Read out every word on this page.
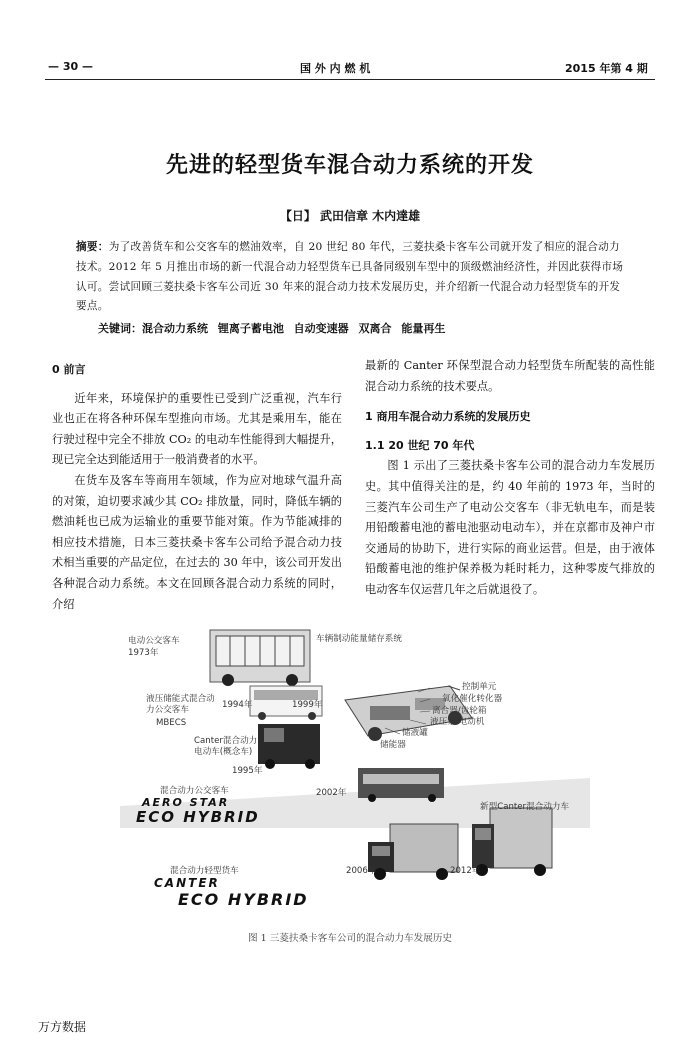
— 30 —	国 外 内 燃 机	2015 年第 4 期
先进的轻型货车混合动力系统的开发
【日】 武田信章 木内達雄
摘要：为了改善货车和公交客车的燃油效率，自 20 世纪 80 年代，三菱扶桑卡客车公司就开发了相应的混合动力技术。2012 年 5 月推出市场的新一代混合动力轻型货车已具备同级别车型中的顶级燃油经济性，并因此获得市场认可。尝试回顾三菱扶桑卡客车公司近 30 年来的混合动力技术发展历史，并介绍新一代混合动力轻型货车的开发要点。
关键词：混合动力系统 锂离子蓄电池 自动变速器 双离合 能量再生
0 前言

近年来，环境保护的重要性已受到广泛重视，汽车行业也正在将各种环保车型推向市场。尤其是乘用车，能在行驶过程中完全不排放 CO₂ 的电动车性能得到大幅提升，现已完全达到能适用于一般消费者的水平。

在货车及客车等商用车领域，作为应对地球气温升高的对策，迫切要求减少其 CO₂ 排放量，同时，降低车辆的燃油耗也已成为运输业的重要节能对策。作为节能减排的相应技术措施，日本三菱扶桑卡客车公司给予混合动力技术相当重要的产品定位，在过去的 30 年中，该公司开发出各种混合动力系统。本文在回顾各混合动力系统的同时，介绍

最新的 Canter 环保型混合动力轻型货车所配装的高性能混合动力系统的技术要点。
1 商用车混合动力系统的发展历史
1.1 20 世纪 70 年代

图 1 示出了三菱扶桑卡客车公司的混合动力车发展历史。其中值得关注的是，约 40 年前的 1973 年，当时的三菱汽车公司生产了电动公交客车（非无轨电车，而是装用铅酸蓄电池的蓄电池驱动电动车），并在京都市及神户市交通局的协助下，进行实际的商业运营。但是，由于液体铅酸蓄电池的维护保养极为耗时耗力，这种零废气排放的电动客车仅运营几年之后就退役了。

电动公交客车
1973年
车辆制动能量储存系统
液压储能式混合动力公交客车
MBECS
1994年	1999年
控制单元
氧化催化转化器
离合器/齿轮箱
液压泵/电动机
储液罐
储能器
Canter混合动力电动车(概念车)
1995年
混合动力公交客车	2002年
AERO STAR
ECO HYBRID
新型Canter混合动力车
混合动力轻型货车	2006年	2012年
CANTER
ECO HYBRID
图 1 三菱扶桑卡客车公司的混合动力车发展历史
万方数据
